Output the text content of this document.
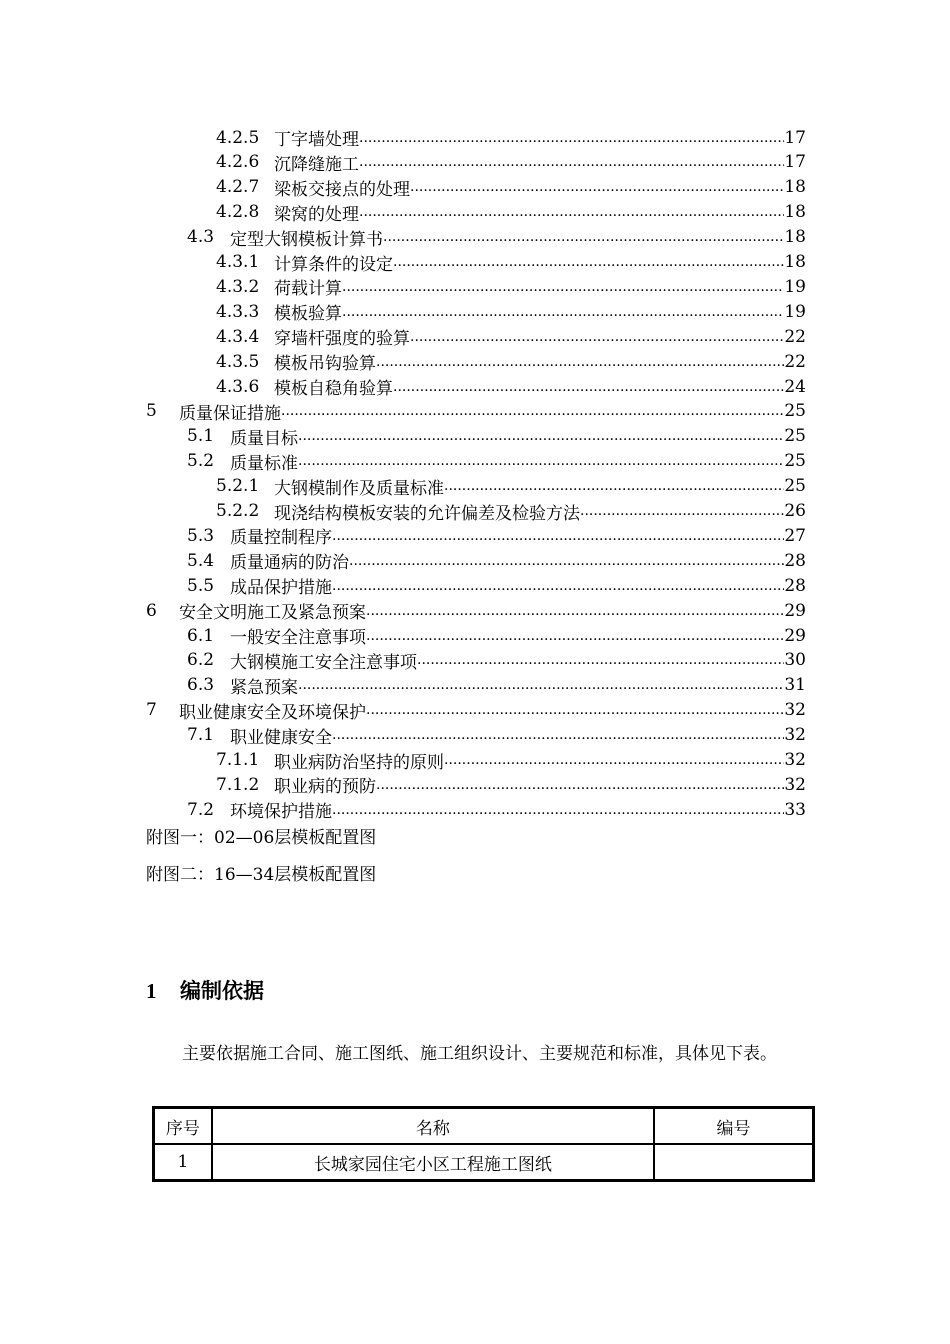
4.2.5 丁字墙处理 .....	17
4.2.6 沉降缝施工 .....	17
4.2.7 梁板交接点的处理 .....	18
4.2.8 梁窝的处理 .....	18
4.3 定型大钢模板计算书 .....	18
4.3.1 计算条件的设定 .....	18
4.3.2 荷载计算 .....	19
4.3.3 模板验算 .....	19
4.3.4 穿墙杆强度的验算 .....	22
4.3.5 模板吊钩验算 .....	22
4.3.6 模板自稳角验算 .....	24
5	质量保证措施 .....	25
5.1 质量目标 .....	25
5.2 质量标准 .....	25
5.2.1 大钢模制作及质量标准 .....	25
5.2.2 现浇结构模板安装的允许偏差及检验方法 .....	26
5.3 质量控制程序 .....	27
5.4 质量通病的防治 .....	28
5.5 成品保护措施 .....	28
6	安全文明施工及紧急预案 .....	29
6.1 一般安全注意事项 .....	29
6.2 大钢模施工安全注意事项 .....	30
6.3 紧急预案 .....	31
7	职业健康安全及环境保护 .....	32
7.1 职业健康安全 .....	32
7.1.1 职业病防治坚持的原则 .....	32
7.1.2 职业病的预防 .....	32
7.2 环境保护措施 .....	33
附图一：02—06层模板配置图
附图二：16—34层模板配置图
1 编制依据
主要依据施工合同、施工图纸、施工组织设计、主要规范和标准，具体见下表。
序号	名称	编号
1	长城家园住宅小区工程施工图纸	
